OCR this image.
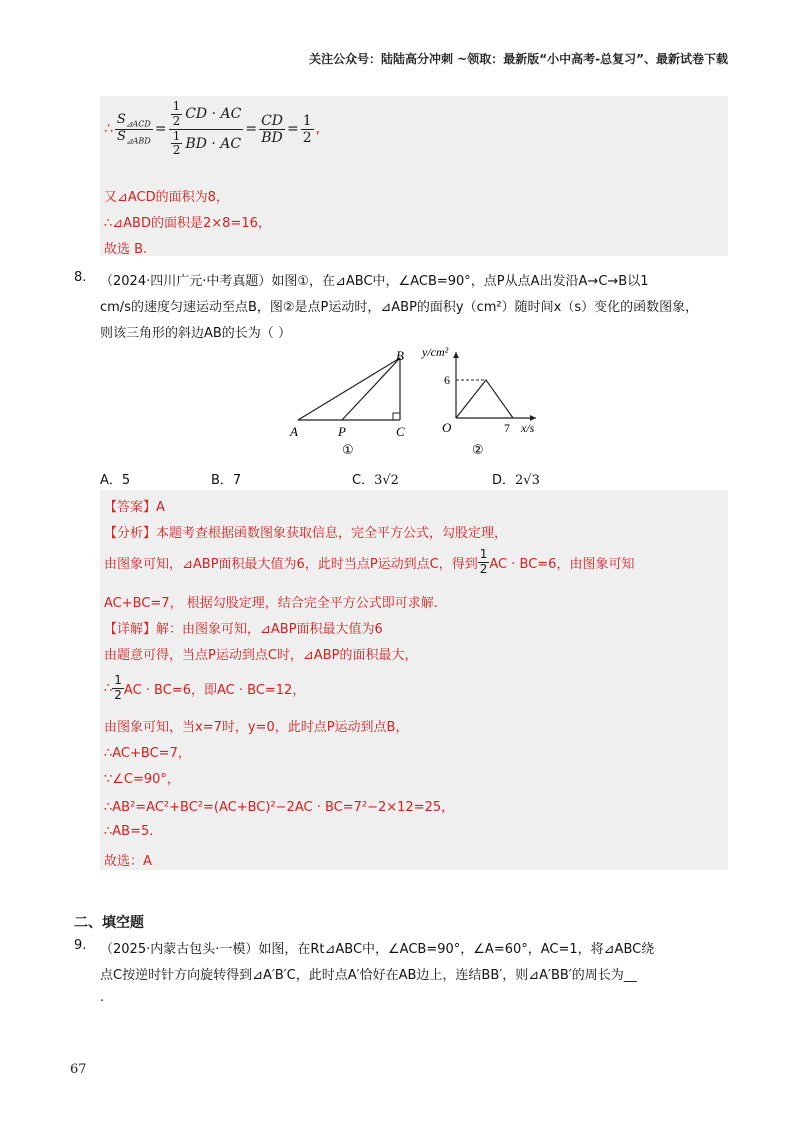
关注公众号：陆陆高分冲刺 ~领取：最新版“小中高考-总复习”、最新试卷下载
∴ $\frac{S_{⊿ACD}}{S_{⊿ABD}} = \frac{\frac{1}{2} CD \cdot AC}{\frac{1}{2} BD \cdot AC} = \frac{CD}{BD} = \frac{1}{2}$ ,
又⊿ACD的面积为8，
∴⊿ABD的面积是2×8=16，
故选 B.
8. （2024·四川广元·中考真题）如图①，在⊿ABC中，∠ACB=90°，点P从点A出发沿A→C→B以1
cm/s的速度匀速运动至点B，图②是点P运动时，⊿ABP的面积y（cm²）随时间x（s）变化的函数图象，
则该三角形的斜边AB的长为（ ）
A
B
C
P
①
y/cm²
6
O	7 x/s
②
A．5	B．7	C．3√2	D．2√3
【答案】A
【分析】本题考查根据函数图象获取信息，完全平方公式，勾股定理，
由图象可知，⊿ABP面积最大值为6，此时当点P运动到点C，得到 $\frac{1}{2}$ AC · BC=6，由图象可知
AC+BC=7， 根据勾股定理，结合完全平方公式即可求解.
【详解】解：由图象可知，⊿ABP面积最大值为6
由题意可得，当点P运动到点C时，⊿ABP的面积最大，
∴ $\frac{1}{2}$ AC · BC=6，即AC · BC=12，
由图象可知，当x=7时，y=0，此时点P运动到点B，
∴AC+BC=7，
∵∠C=90°，
∴AB²=AC²+BC²=(AC+BC)²−2AC · BC=7²−2×12=25，
∴AB=5.
故选：A
二、填空题
9. （2025·内蒙古包头·一模）如图，在Rt⊿ABC中，∠ACB=90°，∠A=60°，AC=1，将⊿ABC绕
点C按逆时针方向旋转得到⊿A′B′C，此时点A′恰好在AB边上，连结BB′，则⊿A′BB′的周长为__
.
67
